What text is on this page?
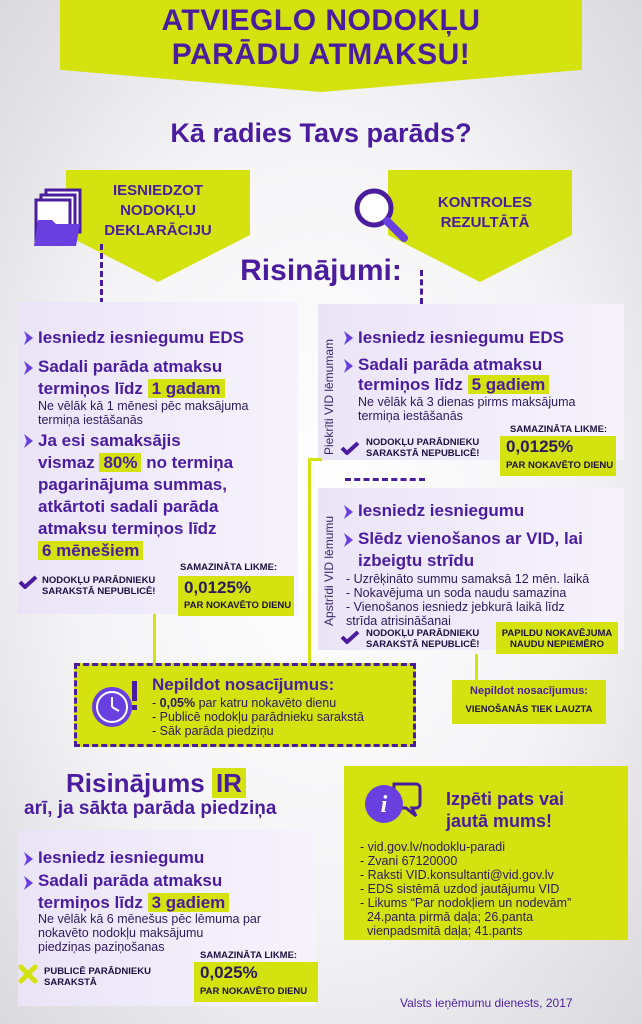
ATVIEGLO NODOKĻU
PARĀDU ATMAKSU!
Kā radies Tavs parāds?
IESNIEDZOT
NODOKĻU
DEKLARĀCIJU
KONTROLES
REZULTĀTĀ
Risinājumi:
Iesniedz iesniegumu EDS
Sadali parāda atmaksu
termiņos līdz 1 gadam
Ne vēlāk kā 1 mēnesi pēc maksājuma
termiņa iestāšanās
Ja esi samaksājis
vismaz 80% no termiņa
pagarinājuma summas,
atkārtoti sadali parāda
atmaksu termiņos līdz
6 mēnešiem
NODOKĻU PARĀDNIEKU
SARAKSTĀ NEPUBLICĒ!
SAMAZINĀTA LIKME:
0,0125%
PAR NOKAVĒTO DIENU
Piekrīti VID lēmumam
Iesniedz iesniegumu EDS
Sadali parāda atmaksu
termiņos līdz 5 gadiem
Ne vēlāk kā 3 dienas pirms maksājuma
termiņa iestāšanās
NODOKĻU PARĀDNIEKU
SARAKSTĀ NEPUBLICĒ!
SAMAZINĀTA LIKME:
0,0125%
PAR NOKAVĒTO DIENU
Apstrīdi VID lēmumu
Iesniedz iesniegumu
Slēdz vienošanos ar VID, lai
izbeigtu strīdu
- Uzrēķināto summu samaksā 12 mēn. laikā
- Nokavējuma un soda naudu samazina
- Vienošanos iesniedz jebkurā laikā līdz
strīda atrisināšanai
NODOKĻU PARĀDNIEKU
SARAKSTĀ NEPUBLICĒ!
PAPILDU NOKAVĒJUMA
NAUDU NEPIEMĒRO
Nepildot nosacījumus:
- 0,05% par katru nokavēto dienu
- Publicē nodokļu parādnieku sarakstā
- Sāk parāda piedziņu
Nepildot nosacījumus:
VIENOŠANĀS TIEK LAUZTA
Risinājums IR
arī, ja sākta parāda piedziņa
Iesniedz iesniegumu
Sadali parāda atmaksu
termiņos līdz 3 gadiem
Ne vēlāk kā 6 mēnešus pēc lēmuma par
nokavēto nodokļu maksājumu
piedziņas paziņošanas
PUBLICĒ PARĀDNIEKU
SARAKSTĀ
SAMAZINĀTA LIKME:
0,025%
PAR NOKAVĒTO DIENU
i	Izpēti pats vai
jautā mums!
- vid.gov.lv/nodoklu-paradi
- Zvani 67120000
- Raksti VID.konsultanti@vid.gov.lv
- EDS sistēmā uzdod jautājumu VID
- Likums “Par nodokļiem un nodevām”
24.panta pirmā daļa; 26.panta
vienpadsmitā daļa; 41.pants
Valsts ieņēmumu dienests, 2017
